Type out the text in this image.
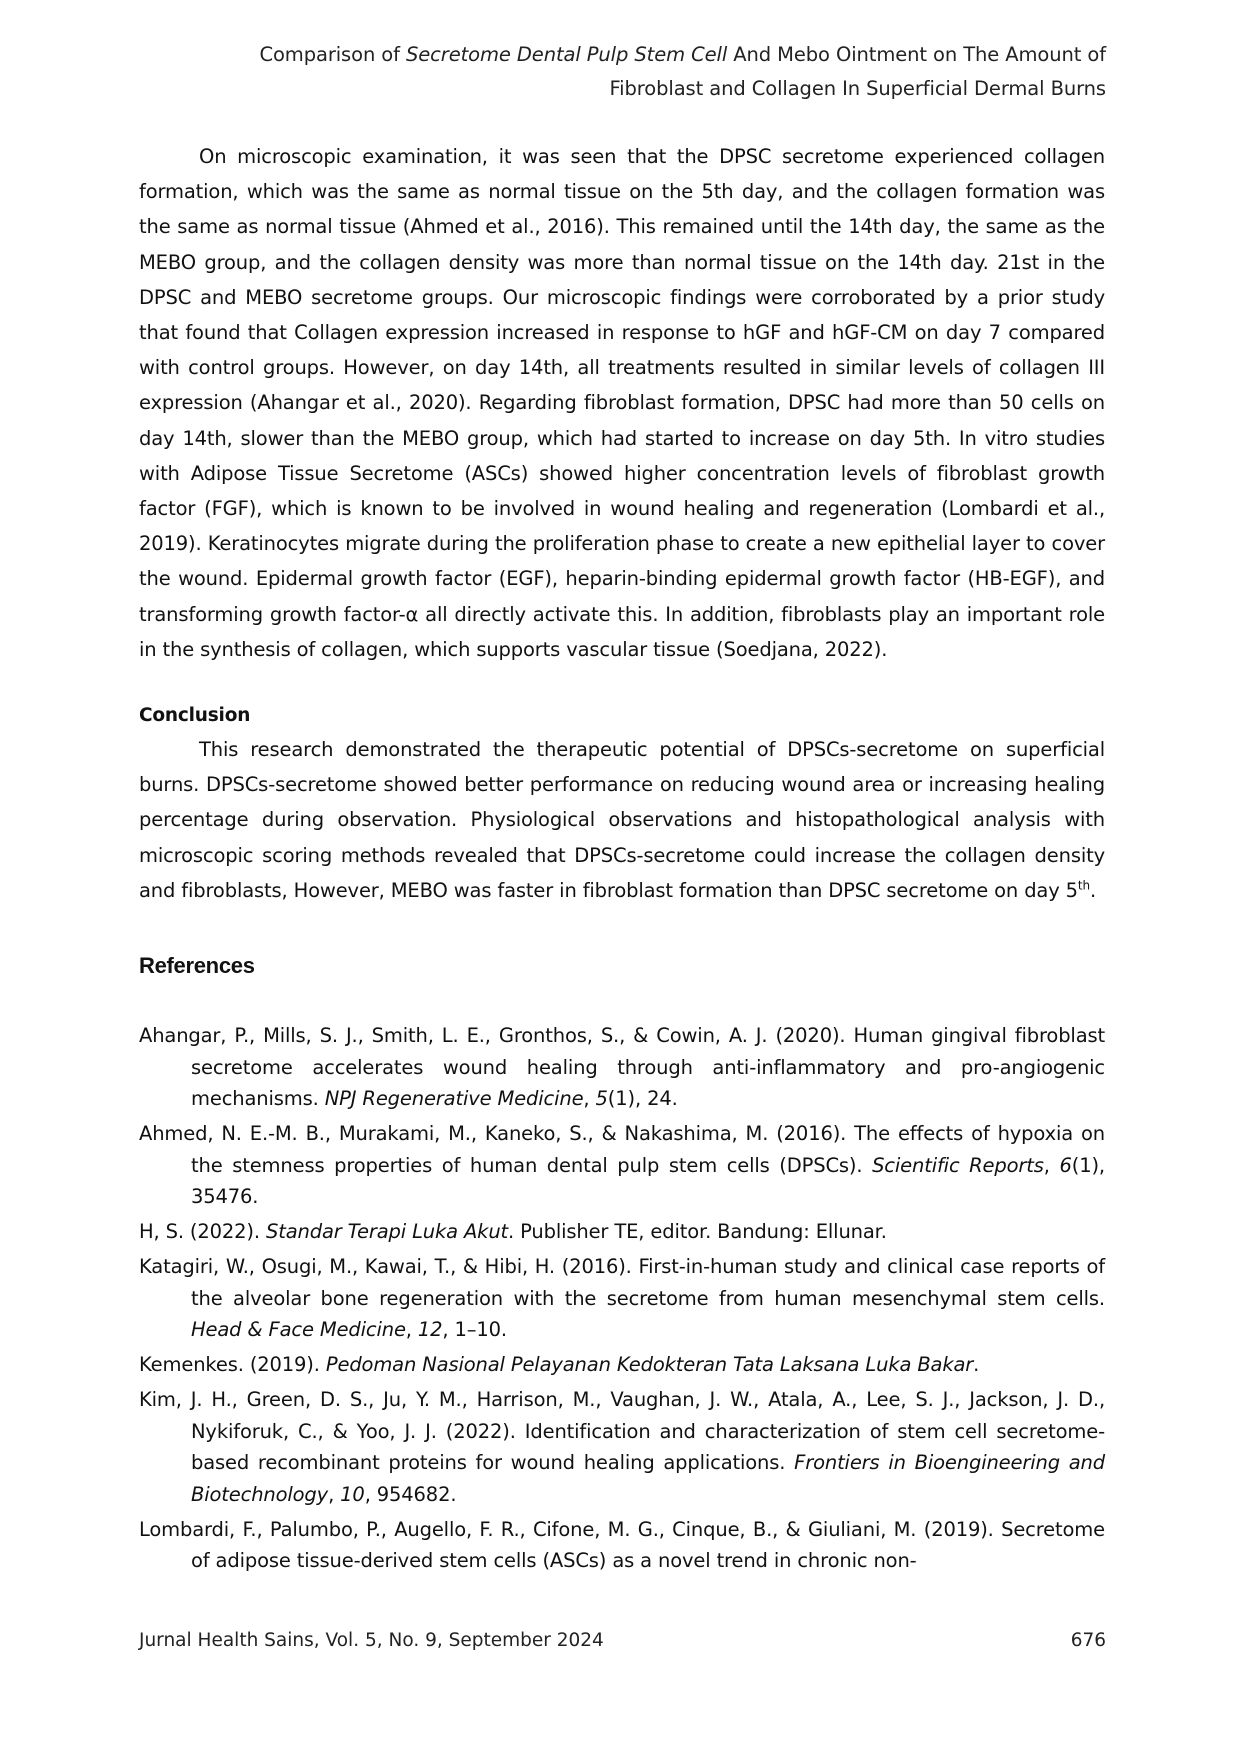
Comparison of Secretome Dental Pulp Stem Cell And Mebo Ointment on The Amount of
Fibroblast and Collagen In Superficial Dermal Burns

On microscopic examination, it was seen that the DPSC secretome experienced collagen formation, which was the same as normal tissue on the 5th day, and the collagen formation was the same as normal tissue (Ahmed et al., 2016). This remained until the 14th day, the same as the MEBO group, and the collagen density was more than normal tissue on the 14th day. 21st in the DPSC and MEBO secretome groups. Our microscopic findings were corroborated by a prior study that found that Collagen expression increased in response to hGF and hGF-CM on day 7 compared with control groups. However, on day 14th, all treatments resulted in similar levels of collagen III expression (Ahangar et al., 2020). Regarding fibroblast formation, DPSC had more than 50 cells on day 14th, slower than the MEBO group, which had started to increase on day 5th. In vitro studies with Adipose Tissue Secretome (ASCs) showed higher concentration levels of fibroblast growth factor (FGF), which is known to be involved in wound healing and regeneration (Lombardi et al., 2019). Keratinocytes migrate during the proliferation phase to create a new epithelial layer to cover the wound. Epidermal growth factor (EGF), heparin-binding epidermal growth factor (HB-EGF), and transforming growth factor-α all directly activate this. In addition, fibroblasts play an important role in the synthesis of collagen, which supports vascular tissue (Soedjana, 2022).

Conclusion

This research demonstrated the therapeutic potential of DPSCs-secretome on superficial burns. DPSCs-secretome showed better performance on reducing wound area or increasing healing percentage during observation. Physiological observations and histopathological analysis with microscopic scoring methods revealed that DPSCs-secretome could increase the collagen density and fibroblasts, However, MEBO was faster in fibroblast formation than DPSC secretome on day 5th.

References
Ahangar, P., Mills, S. J., Smith, L. E., Gronthos, S., & Cowin, A. J. (2020). Human gingival fibroblast secretome accelerates wound healing through anti-inflammatory and pro-angiogenic mechanisms. NPJ Regenerative Medicine, 5(1), 24.
Ahmed, N. E.-M. B., Murakami, M., Kaneko, S., & Nakashima, M. (2016). The effects of hypoxia on the stemness properties of human dental pulp stem cells (DPSCs). Scientific Reports, 6(1), 35476.
H, S. (2022). Standar Terapi Luka Akut. Publisher TE, editor. Bandung: Ellunar.
Katagiri, W., Osugi, M., Kawai, T., & Hibi, H. (2016). First-in-human study and clinical case reports of the alveolar bone regeneration with the secretome from human mesenchymal stem cells. Head & Face Medicine, 12, 1–10.
Kemenkes. (2019). Pedoman Nasional Pelayanan Kedokteran Tata Laksana Luka Bakar.
Kim, J. H., Green, D. S., Ju, Y. M., Harrison, M., Vaughan, J. W., Atala, A., Lee, S. J., Jackson, J. D., Nykiforuk, C., & Yoo, J. J. (2022). Identification and characterization of stem cell secretome-based recombinant proteins for wound healing applications. Frontiers in Bioengineering and Biotechnology, 10, 954682.
Lombardi, F., Palumbo, P., Augello, F. R., Cifone, M. G., Cinque, B., & Giuliani, M. (2019). Secretome of adipose tissue-derived stem cells (ASCs) as a novel trend in chronic non-
Jurnal Health Sains, Vol. 5, No. 9, September 2024	676
